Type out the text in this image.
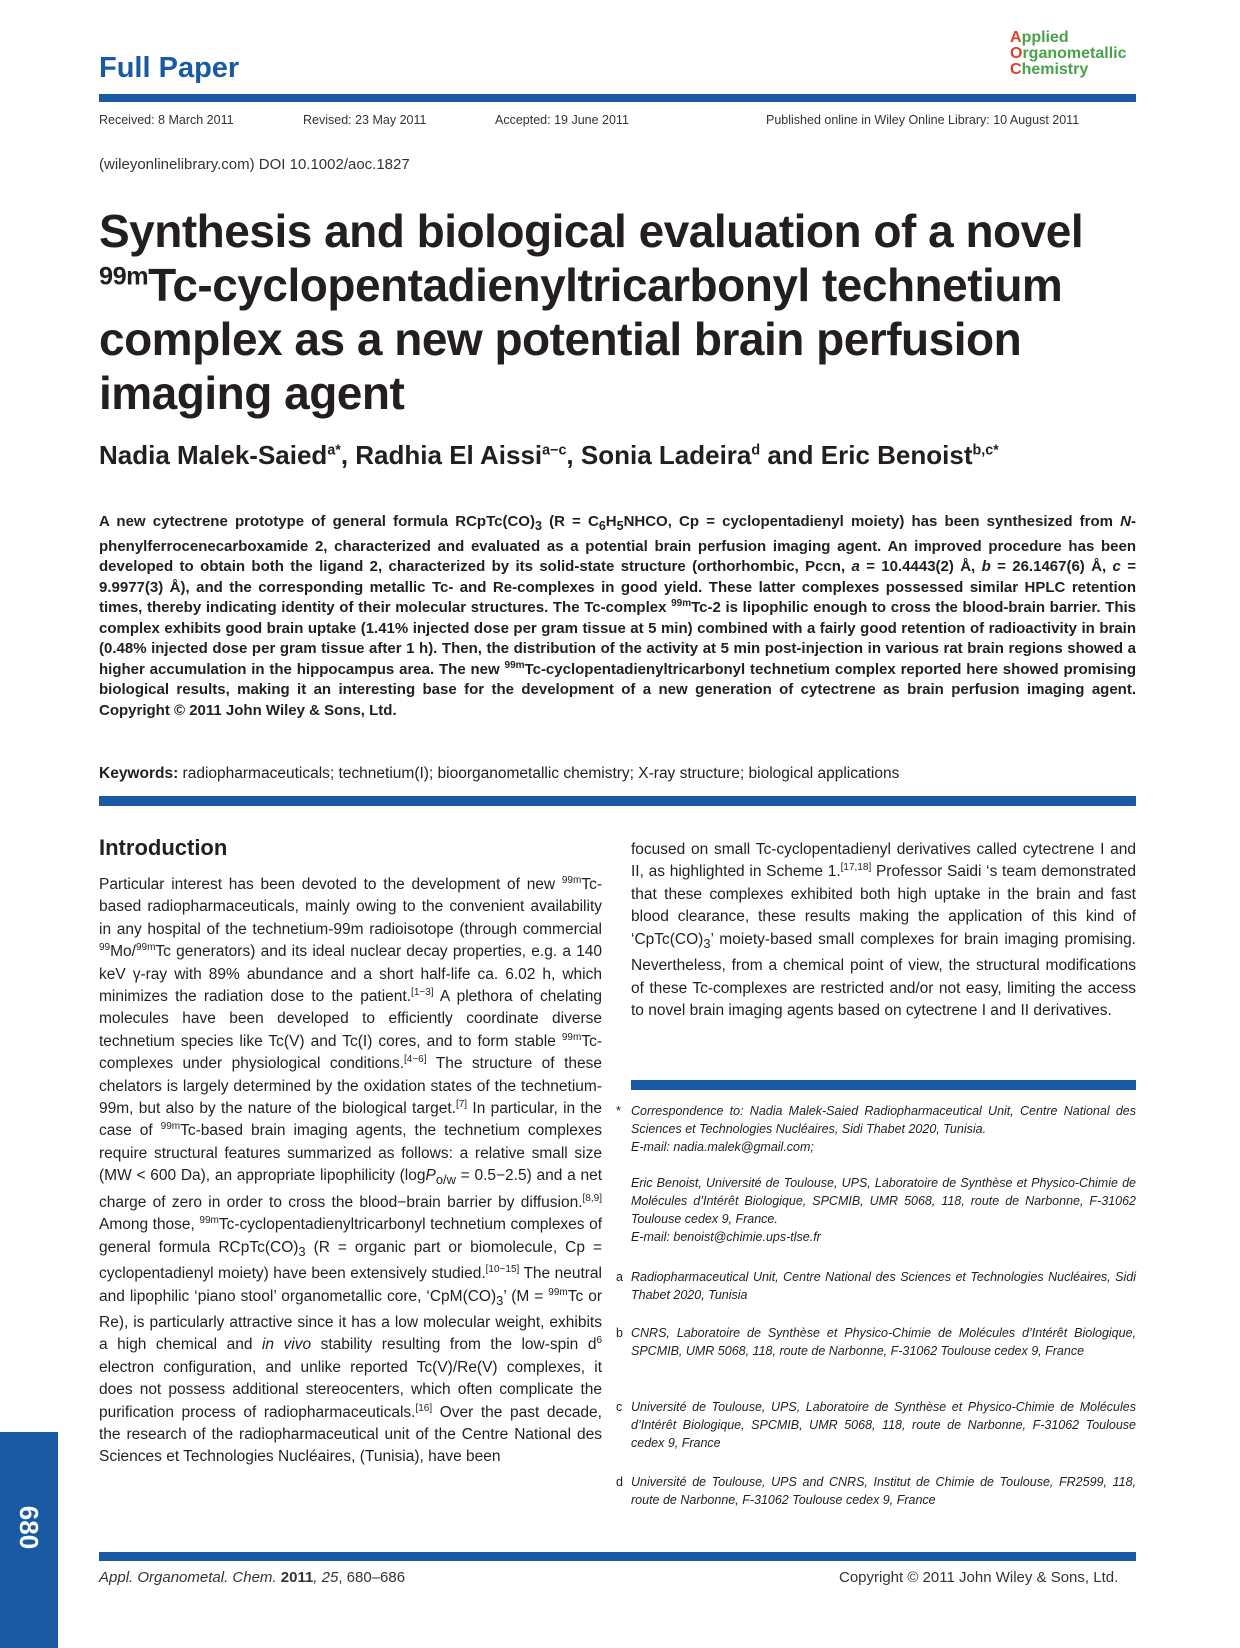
Full Paper
Applied
Organometallic
Chemistry
Received: 8 March 2011	Revised: 23 May 2011	Accepted: 19 June 2011	Published online in Wiley Online Library: 10 August 2011
(wileyonlinelibrary.com) DOI 10.1002/aoc.1827
Synthesis and biological evaluation of a novel
$^{99m}$Tc-cyclopentadienyltricarbonyl technetium
complex as a new potential brain perfusion
imaging agent
Nadia Malek-Saied$^{a*}$, Radhia El Aissi$^{a-c}$, Sonia Ladeira$^d$ and Eric Benoist$^{b,c*}$
A new cytectrene prototype of general formula $RCpTc(CO)_3$ ($R = C_6H_5NHCO$, Cp = cyclopentadienyl moiety) has been synthesized from N-phenylferrocenecarboxamide 2, characterized and evaluated as a potential brain perfusion imaging agent. An improved procedure has been developed to obtain both the ligand 2, characterized by its solid-state structure (orthorhombic, Pccn, a = 10.4443(2) Å, b = 26.1467(6) Å, c = 9.9977(3) Å), and the corresponding metallic Tc- and Re-complexes in good yield. These latter complexes possessed similar HPLC retention times, thereby indicating identity of their molecular structures. The Tc-complex $^{99m}$Tc-2 is lipophilic enough to cross the blood-brain barrier. This complex exhibits good brain uptake (1.41% injected dose per gram tissue at 5 min) combined with a fairly good retention of radioactivity in brain (0.48% injected dose per gram tissue after 1 h). Then, the distribution of the activity at 5 min post-injection in various rat brain regions showed a higher accumulation in the hippocampus area. The new $^{99m}$Tc-cyclopentadienyltricarbonyl technetium complex reported here showed promising biological results, making it an interesting base for the development of a new generation of cytectrene as brain perfusion imaging agent. Copyright © 2011 John Wiley & Sons, Ltd.
Keywords: radiopharmaceuticals; technetium(I); bioorganometallic chemistry; X-ray structure; biological applications
Introduction
Particular interest has been devoted to the development of new $^{99m}$Tc-based radiopharmaceuticals, mainly owing to the convenient availability in any hospital of the technetium-99m radioisotope (through commercial $^{99}$Mo/$^{99m}$Tc generators) and its ideal nuclear decay properties, e.g. a 140 keV γ-ray with 89% abundance and a short half-life ca. 6.02 h, which minimizes the radiation dose to the patient.[1−3] A plethora of chelating molecules have been developed to efficiently coordinate diverse technetium species like Tc(V) and Tc(I) cores, and to form stable $^{99m}$Tc-complexes under physiological conditions.[4−6] The structure of these chelators is largely determined by the oxidation states of the technetium-99m, but also by the nature of the biological target.[7] In particular, in the case of $^{99m}$Tc-based brain imaging agents, the technetium complexes require structural features summarized as follows: a relative small size (MW < 600 Da), an appropriate lipophilicity (logP$_{o/w}$ = 0.5−2.5) and a net charge of zero in order to cross the blood−brain barrier by diffusion.[8,9] Among those, $^{99m}$Tc-cyclopentadienyltricarbonyl technetium complexes of general formula $RCpTc(CO)_3$ (R = organic part or biomolecule, Cp = cyclopentadienyl moiety) have been extensively studied.[10−15] The neutral and lipophilic ‘piano stool’ organometallic core, ‘$CpM(CO)_3$’ (M = $^{99m}$Tc or Re), is particularly attractive since it has a low molecular weight, exhibits a high chemical and in vivo stability resulting from the low-spin $d^6$ electron configuration, and unlike reported Tc(V)/Re(V) complexes, it does not possess additional stereocenters, which often complicate the purification process of radiopharmaceuticals.[16] Over the past decade, the research of the radiopharmaceutical unit of the Centre National des Sciences et Technologies Nucléaires, (Tunisia), have been
focused on small Tc-cyclopentadienyl derivatives called cytectrene I and II, as highlighted in Scheme 1.[17,18] Professor Saidi ‘s team demonstrated that these complexes exhibited both high uptake in the brain and fast blood clearance, these results making the application of this kind of ‘$CpTc(CO)_3$’ moiety-based small complexes for brain imaging promising. Nevertheless, from a chemical point of view, the structural modifications of these Tc-complexes are restricted and/or not easy, limiting the access to novel brain imaging agents based on cytectrene I and II derivatives.
* Correspondence to: Nadia Malek-Saied Radiopharmaceutical Unit, Centre National des Sciences et Technologies Nucléaires, Sidi Thabet 2020, Tunisia.
E-mail: nadia.malek@gmail.com;
Eric Benoist, Université de Toulouse, UPS, Laboratoire de Synthèse et Physico-Chimie de Molécules d’Intérêt Biologique, SPCMIB, UMR 5068, 118, route de Narbonne, F-31062 Toulouse cedex 9, France.
E-mail: benoist@chimie.ups-tlse.fr
a Radiopharmaceutical Unit, Centre National des Sciences et Technologies Nucléaires, Sidi Thabet 2020, Tunisia
b CNRS, Laboratoire de Synthèse et Physico-Chimie de Molécules d’Intérêt Biologique, SPCMIB, UMR 5068, 118, route de Narbonne, F-31062 Toulouse cedex 9, France
c Université de Toulouse, UPS, Laboratoire de Synthèse et Physico-Chimie de Molécules d’Intérêt Biologique, SPCMIB, UMR 5068, 118, route de Narbonne, F-31062 Toulouse cedex 9, France
d Université de Toulouse, UPS and CNRS, Institut de Chimie de Toulouse, FR2599, 118, route de Narbonne, F-31062 Toulouse cedex 9, France
Appl. Organometal. Chem. 2011, 25, 680–686	Copyright © 2011 John Wiley & Sons, Ltd.
680
